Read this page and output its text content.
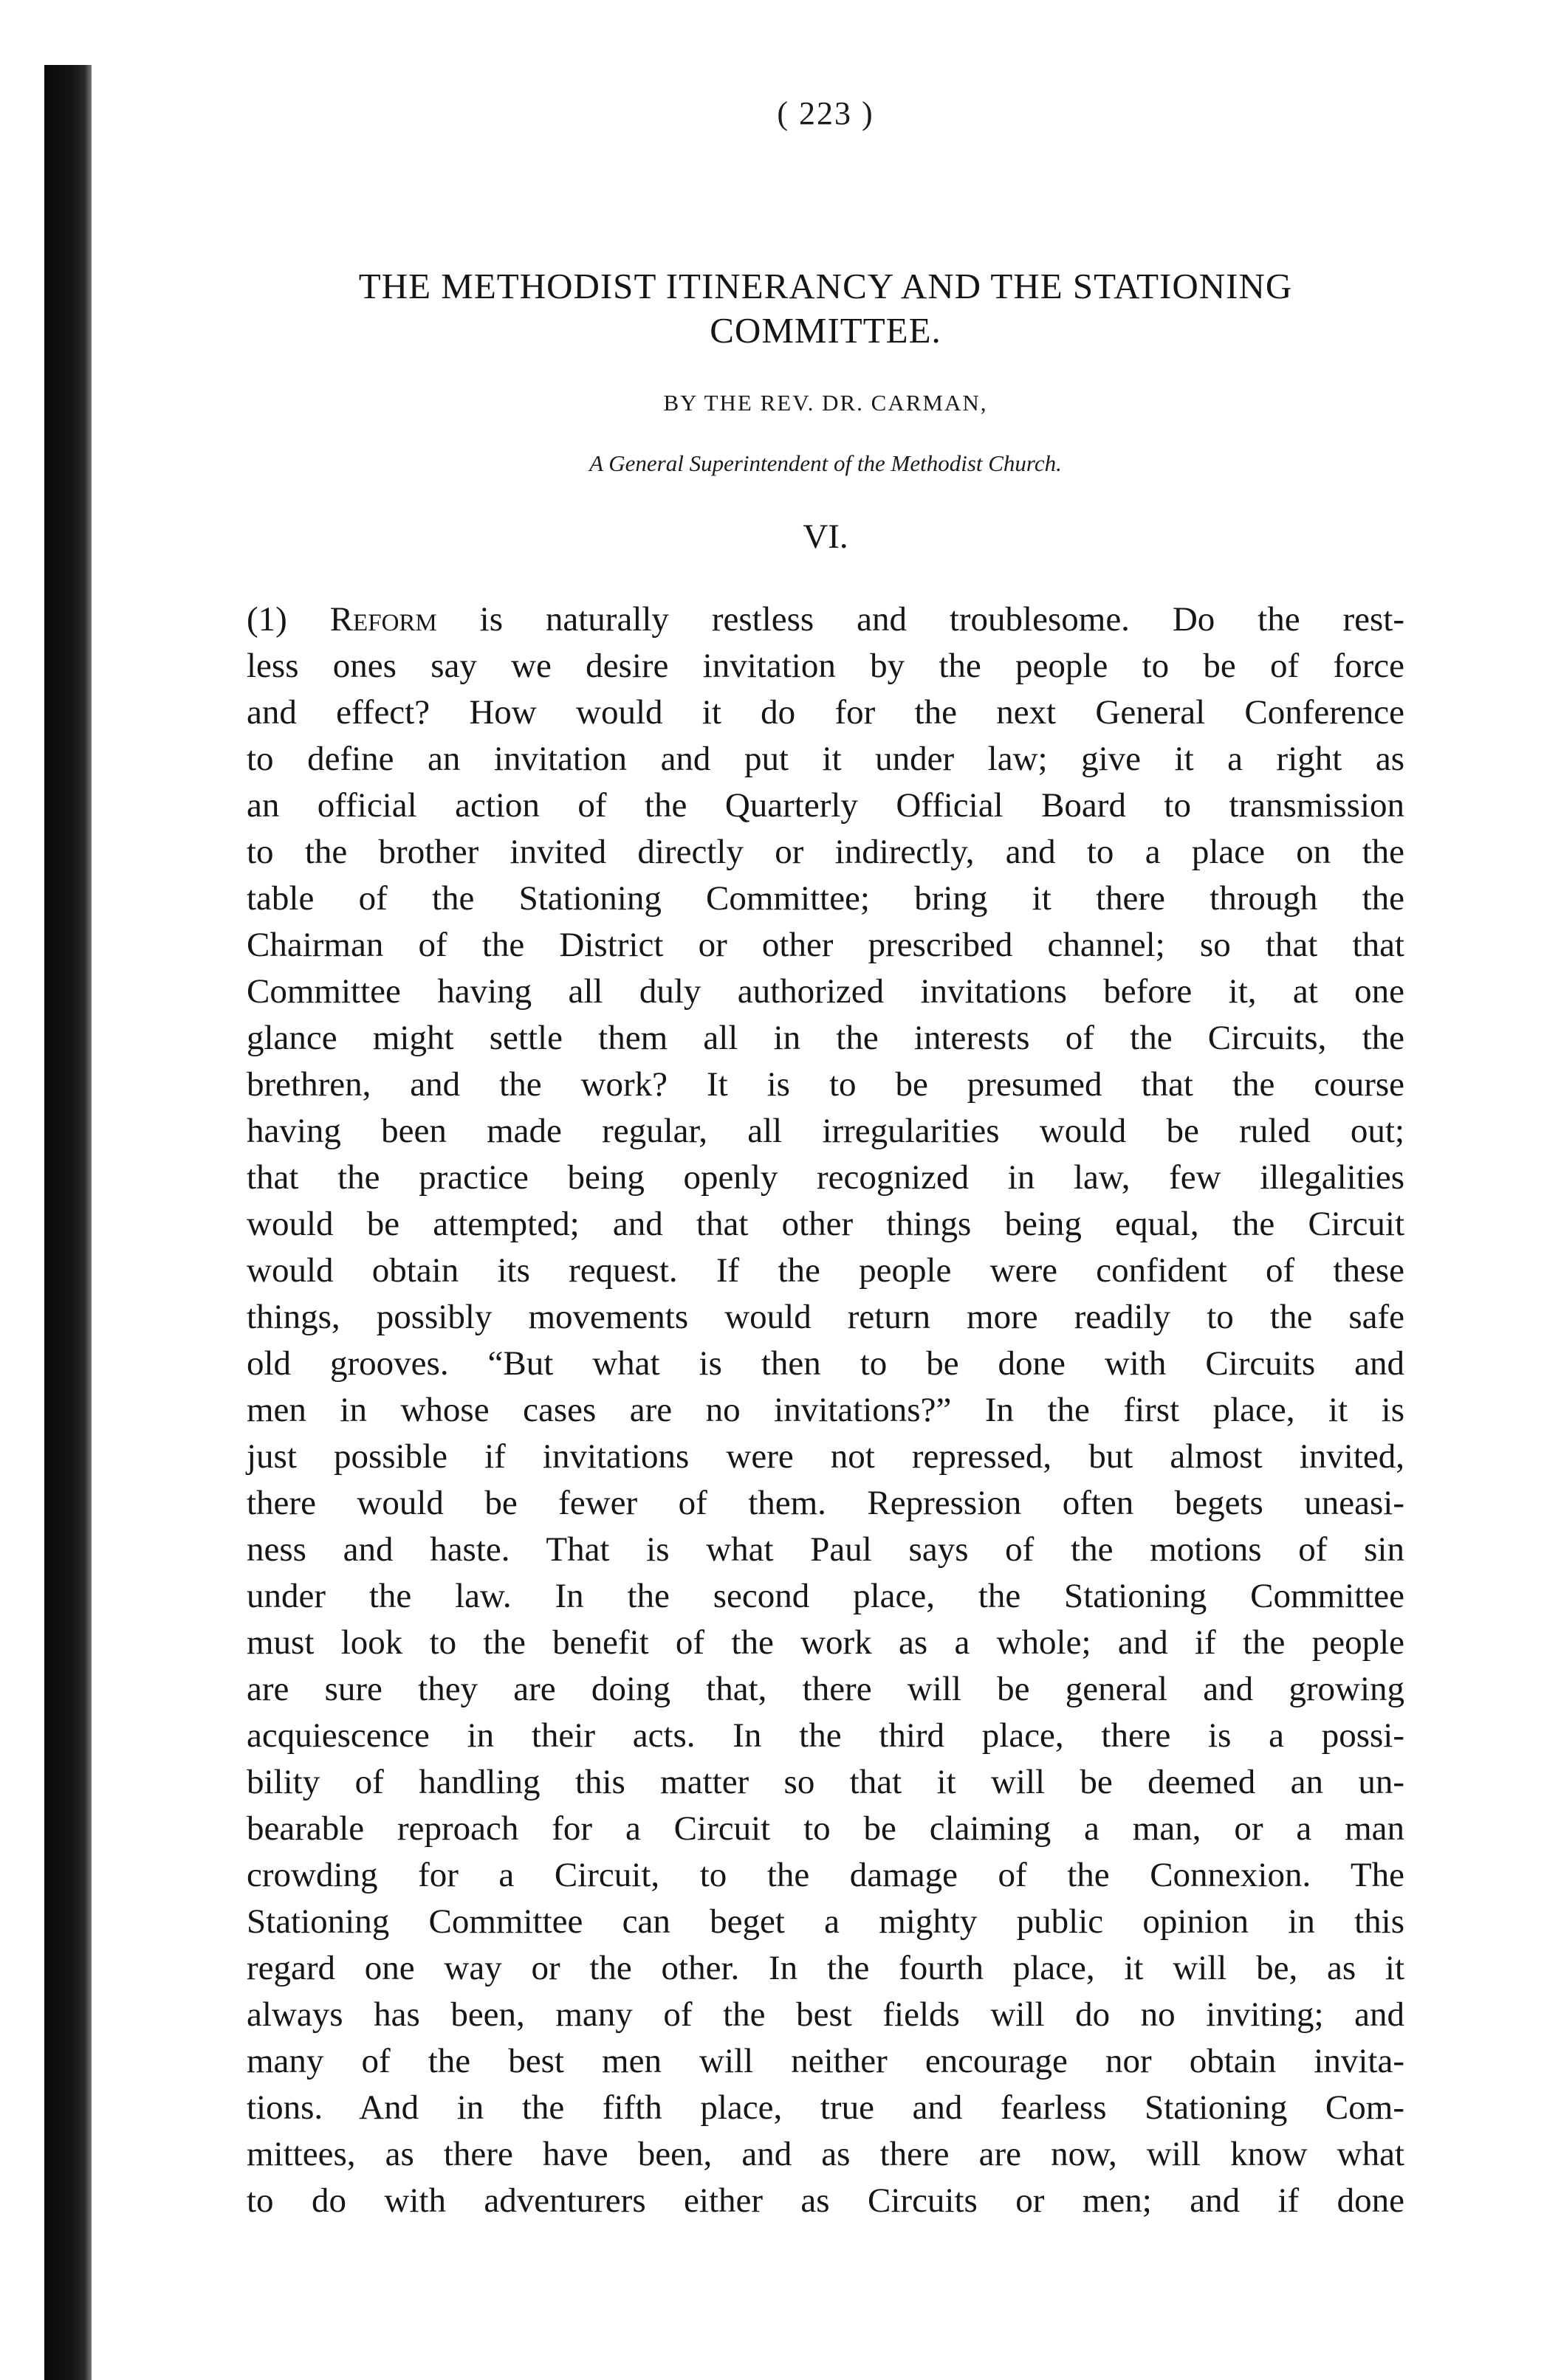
( 223 )
THE METHODIST ITINERANCY AND THE STATIONING
COMMITTEE.
BY THE REV. DR. CARMAN,
A General Superintendent of the Methodist Church.
VI.
(1) Reform is naturally restless and troublesome. Do the rest-
less ones say we desire invitation by the people to be of force
and effect? How would it do for the next General Conference
to define an invitation and put it under law; give it a right as
an official action of the Quarterly Official Board to transmission
to the brother invited directly or indirectly, and to a place on the
table of the Stationing Committee; bring it there through the
Chairman of the District or other prescribed channel; so that that
Committee having all duly authorized invitations before it, at one
glance might settle them all in the interests of the Circuits, the
brethren, and the work? It is to be presumed that the course
having been made regular, all irregularities would be ruled out;
that the practice being openly recognized in law, few illegalities
would be attempted; and that other things being equal, the Circuit
would obtain its request. If the people were confident of these
things, possibly movements would return more readily to the safe
old grooves. “But what is then to be done with Circuits and
men in whose cases are no invitations?” In the first place, it is
just possible if invitations were not repressed, but almost invited,
there would be fewer of them. Repression often begets uneasi-
ness and haste. That is what Paul says of the motions of sin
under the law. In the second place, the Stationing Committee
must look to the benefit of the work as a whole; and if the people
are sure they are doing that, there will be general and growing
acquiescence in their acts. In the third place, there is a possi-
bility of handling this matter so that it will be deemed an un-
bearable reproach for a Circuit to be claiming a man, or a man
crowding for a Circuit, to the damage of the Connexion. The
Stationing Committee can beget a mighty public opinion in this
regard one way or the other. In the fourth place, it will be, as it
always has been, many of the best fields will do no inviting; and
many of the best men will neither encourage nor obtain invita-
tions. And in the fifth place, true and fearless Stationing Com-
mittees, as there have been, and as there are now, will know what
to do with adventurers either as Circuits or men; and if done
